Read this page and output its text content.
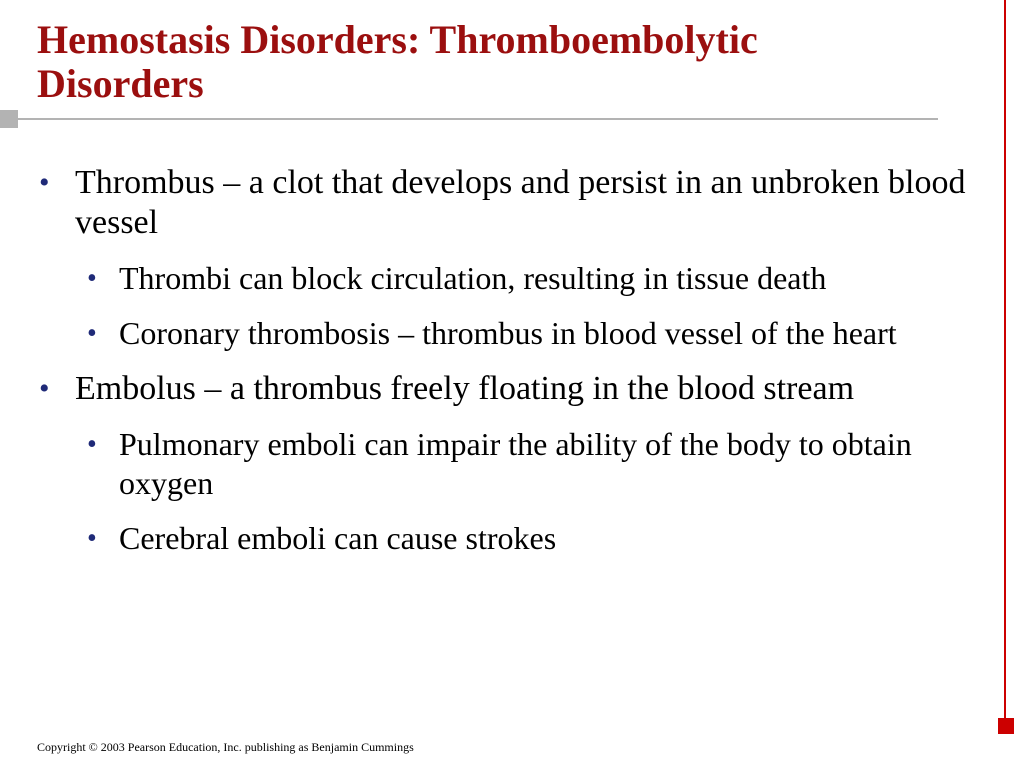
Hemostasis Disorders: Thromboembolytic
Disorders
• Thrombus – a clot that develops and persist in an unbroken blood vessel
• Thrombi can block circulation, resulting in tissue death
• Coronary thrombosis – thrombus in blood vessel of the heart
• Embolus – a thrombus freely floating in the blood stream
• Pulmonary emboli can impair the ability of the body to obtain oxygen
• Cerebral emboli can cause strokes
Copyright © 2003 Pearson Education, Inc. publishing as Benjamin Cummings
